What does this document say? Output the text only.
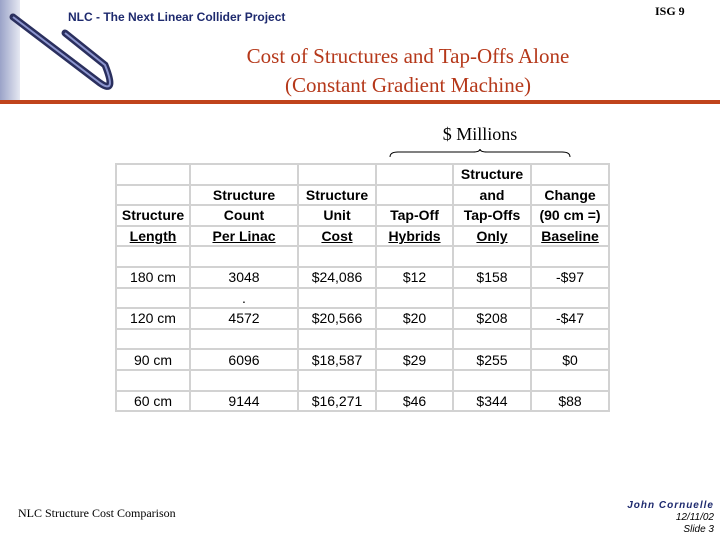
NLC - The Next Linear Collider Project	ISG 9
Cost of Structures and Tap-Offs Alone
(Constant Gradient Machine)
$ Millions
				Structure	
	Structure	Structure		and	Change
Structure	Count	Unit	Tap-Off	Tap-Offs	(90 cm =)
Length	Per Linac	Cost	Hybrids	Only	Baseline

180 cm	3048	$24,086	$12	$158	-$97
	.				
120 cm	4572	$20,566	$20	$208	-$47

90 cm	6096	$18,587	$29	$255	$0

60 cm	9144	$16,271	$46	$344	$88
NLC Structure Cost Comparison
John Cornuelle
12/11/02
Slide 3
